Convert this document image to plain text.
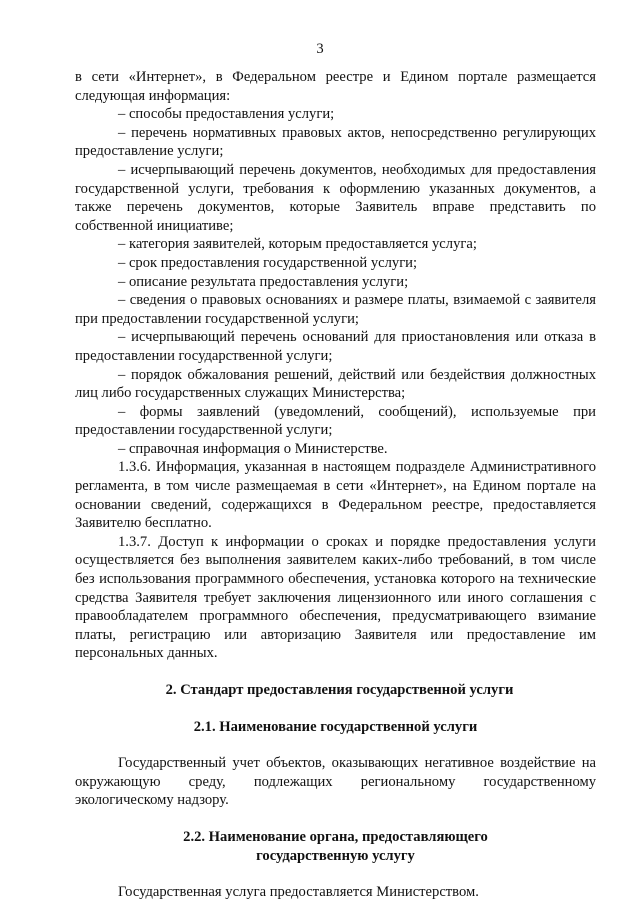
3

в сети «Интернет», в Федеральном реестре и Едином портале размещается следующая информация:

– способы предоставления услуги;

– перечень нормативных правовых актов, непосредственно регулирующих предоставление услуги;

– исчерпывающий перечень документов, необходимых для предоставления государственной услуги, требования к оформлению указанных документов, а также перечень документов, которые Заявитель вправе представить по собственной инициативе;

– категория заявителей, которым предоставляется услуга;

– срок предоставления государственной услуги;

– описание результата предоставления услуги;

– сведения о правовых основаниях и размере платы, взимаемой с заявителя при предоставлении государственной услуги;

– исчерпывающий перечень оснований для приостановления или отказа в предоставлении государственной услуги;

– порядок обжалования решений, действий или бездействия должностных лиц либо государственных служащих Министерства;

– формы заявлений (уведомлений, сообщений), используемые при предоставлении государственной услуги;

– справочная информация о Министерстве.

1.3.6. Информация, указанная в настоящем подразделе Административного регламента, в том числе размещаемая в сети «Интернет», на Едином портале на основании сведений, содержащихся в Федеральном реестре, предоставляется Заявителю бесплатно.

1.3.7. Доступ к информации о сроках и порядке предоставления услуги осуществляется без выполнения заявителем каких-либо требований, в том числе без использования программного обеспечения, установка которого на технические средства Заявителя требует заключения лицензионного или иного соглашения с правообладателем программного обеспечения, предусматривающего взимание платы, регистрацию или авторизацию Заявителя или предоставление им персональных данных.

2. Стандарт предоставления государственной услуги
2.1. Наименование государственной услуги

Государственный учет объектов, оказывающих негативное воздействие на окружающую среду, подлежащих региональному государственному экологическому надзору.

2.2. Наименование органа, предоставляющего
государственную услугу

Государственная услуга предоставляется Министерством.
